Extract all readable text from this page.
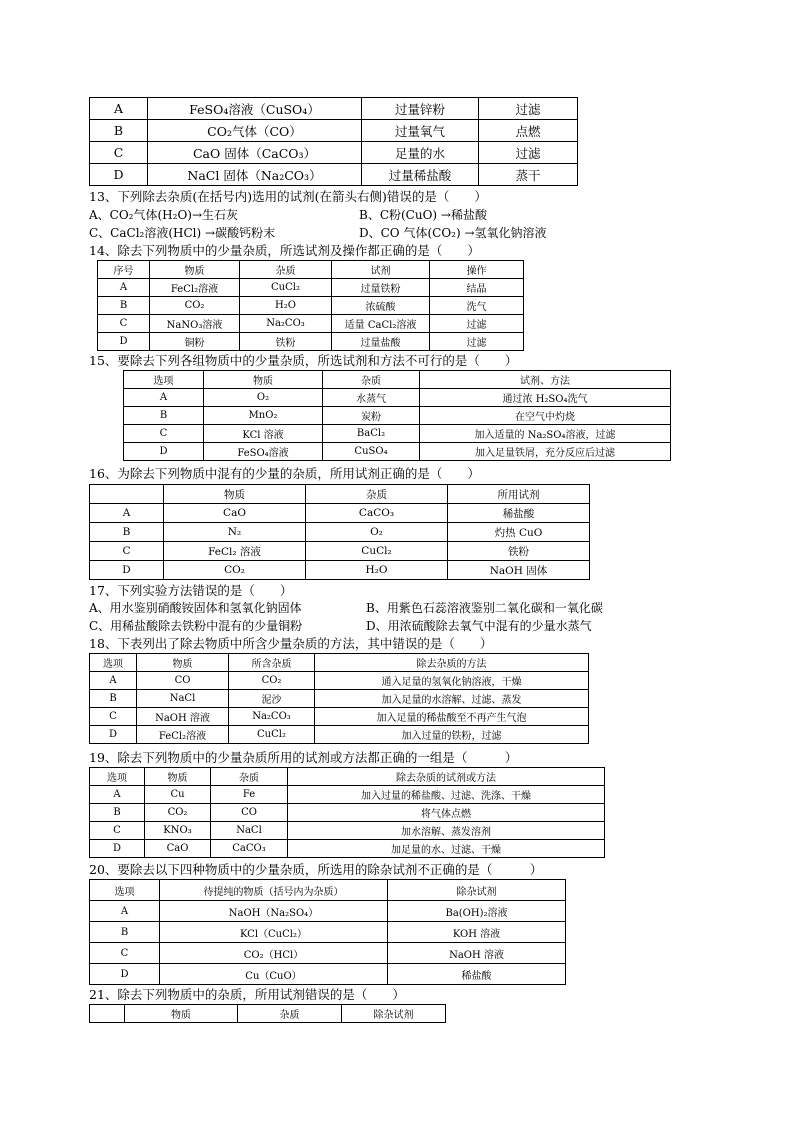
A	FeSO₄溶液（CuSO₄）	过量锌粉	过滤
B	CO₂气体（CO）	过量氧气	点燃
C	CaO 固体（CaCO₃）	足量的水	过滤
D	NaCl 固体（Na₂CO₃）	过量稀盐酸	蒸干
13、下列除去杂质(在括号内)选用的试剂(在箭头右侧)错误的是（　　）
A、CO₂气体(H₂O)→生石灰	B、C粉(CuO) →稀盐酸
C、CaCl₂溶液(HCl) →碳酸钙粉末	D、CO 气体(CO₂) →氢氧化钠溶液
14、除去下列物质中的少量杂质，所选试剂及操作都正确的是（　　）
序号	物质	杂质	试剂	操作
A	FeCl₂溶液	CuCl₂	过量铁粉	结晶
B	CO₂	H₂O	浓硫酸	洗气
C	NaNO₃溶液	Na₂CO₃	适量 CaCl₂溶液	过滤
D	铜粉	铁粉	过量盐酸	过滤
15、要除去下列各组物质中的少量杂质，所选试剂和方法不可行的是（　　）
选项	物质	杂质	试剂、方法
A	O₂	水蒸气	通过浓 H₂SO₄洗气
B	MnO₂	炭粉	在空气中灼烧
C	KCl 溶液	BaCl₂	加入适量的 Na₂SO₄溶液，过滤
D	FeSO₄溶液	CuSO₄	加入足量铁屑，充分反应后过滤
16、为除去下列物质中混有的少量的杂质，所用试剂正确的是（　　）
	物质	杂质	所用试剂
A	CaO	CaCO₃	稀盐酸
B	N₂	O₂	灼热 CuO
C	FeCl₂ 溶液	CuCl₂	铁粉
D	CO₂	H₂O	NaOH 固体
17、下列实验方法错误的是（　　）
A、用水鉴别硝酸铵固体和氢氧化钠固体	B、用紫色石蕊溶液鉴别二氧化碳和一氧化碳
C、用稀盐酸除去铁粉中混有的少量铜粉	D、用浓硫酸除去氧气中混有的少量水蒸气
18、下表列出了除去物质中所含少量杂质的方法，其中错误的是（　　）
选项	物质	所含杂质	除去杂质的方法
A	CO	CO₂	通入足量的氢氧化钠溶液，干燥
B	NaCl	泥沙	加入足量的水溶解、过滤、蒸发
C	NaOH 溶液	Na₂CO₃	加入足量的稀盐酸至不再产生气泡
D	FeCl₂溶液	CuCl₂	加入过量的铁粉，过滤
19、除去下列物质中的少量杂质所用的试剂或方法都正确的一组是（　　　）
选项	物质	杂质	除去杂质的试剂或方法
A	Cu	Fe	加入过量的稀盐酸、过滤、洗涤、干燥
B	CO₂	CO	将气体点燃
C	KNO₃	NaCl	加水溶解、蒸发溶剂
D	CaO	CaCO₃	加足量的水、过滤、干燥
20、要除去以下四种物质中的少量杂质，所选用的除杂试剂不正确的是（　　　）
选项	待提纯的物质（括号内为杂质）	除杂试剂
A	NaOH（Na₂SO₄）	Ba(OH)₂溶液
B	KCl（CuCl₂）	KOH 溶液
C	CO₂（HCl）	NaOH 溶液
D	Cu（CuO）	稀盐酸
21、除去下列物质中的杂质，所用试剂错误的是（　　）
	物质	杂质	除杂试剂
